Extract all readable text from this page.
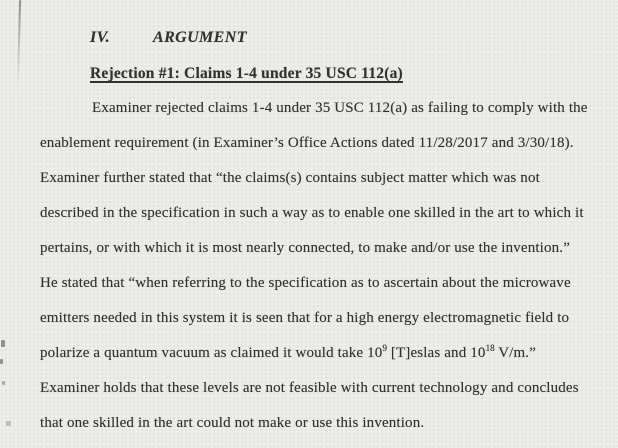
IV.	ARGUMENT
Rejection #1: Claims 1-4 under 35 USC 112(a)
Examiner rejected claims 1-4 under 35 USC 112(a) as failing to comply with the
enablement requirement (in Examiner’s Office Actions dated 11/28/2017 and 3/30/18).
Examiner further stated that “the claims(s) contains subject matter which was not
described in the specification in such a way as to enable one skilled in the art to which it
pertains, or with which it is most nearly connected, to make and/or use the invention.”
He stated that “when referring to the specification as to ascertain about the microwave
emitters needed in this system it is seen that for a high energy electromagnetic field to
polarize a quantum vacuum as claimed it would take $10^9$ [T]eslas and $10^{18}$ V/m.”
Examiner holds that these levels are not feasible with current technology and concludes
that one skilled in the art could not make or use this invention.
